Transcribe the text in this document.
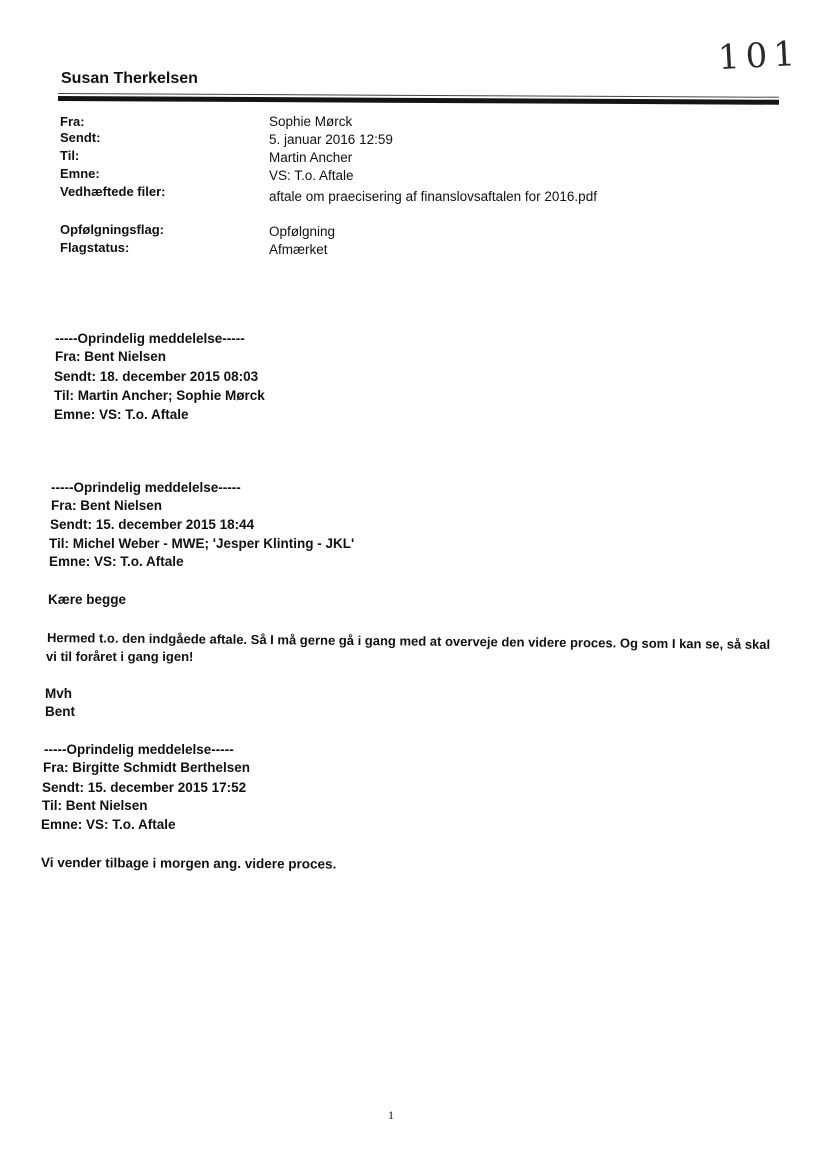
101
Susan Therkelsen
Fra:	Sophie Mørck
Sendt:	5. januar 2016 12:59
Til:	Martin Ancher
Emne:	VS: T.o. Aftale
Vedhæftede filer:	aftale om praecisering af finanslovsaftalen for 2016.pdf
Opfølgningsflag:	Opfølgning
Flagstatus:	Afmærket
-----Oprindelig meddelelse-----
Fra: Bent Nielsen
Sendt: 18. december 2015 08:03
Til: Martin Ancher; Sophie Mørck
Emne: VS: T.o. Aftale
-----Oprindelig meddelelse-----
Fra: Bent Nielsen
Sendt: 15. december 2015 18:44
Til: Michel Weber - MWE; 'Jesper Klinting - JKL'
Emne: VS: T.o. Aftale
Kære begge
Hermed t.o. den indgåede aftale. Så I må gerne gå i gang med at overveje den videre proces. Og som I kan se, så skal
vi til foråret i gang igen!
Mvh
Bent
-----Oprindelig meddelelse-----
Fra: Birgitte Schmidt Berthelsen
Sendt: 15. december 2015 17:52
Til: Bent Nielsen
Emne: VS: T.o. Aftale
Vi vender tilbage i morgen ang. videre proces.
1
